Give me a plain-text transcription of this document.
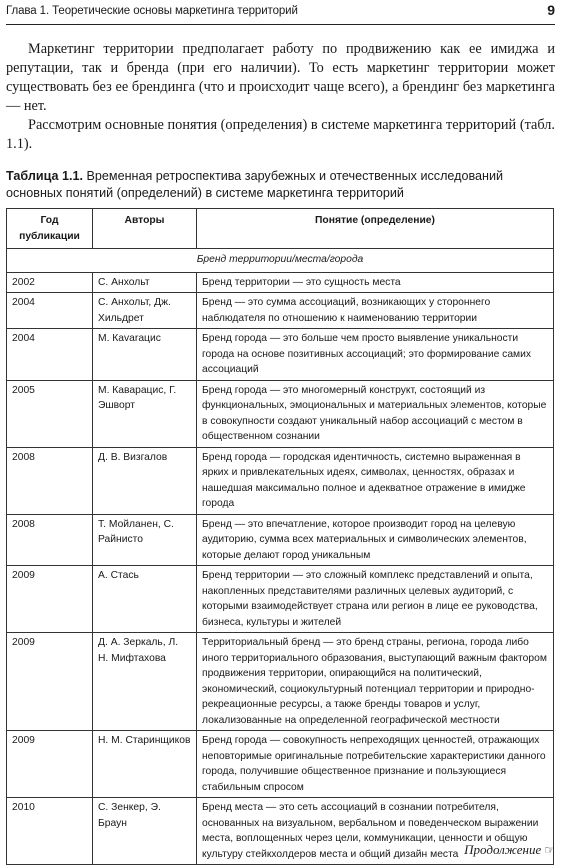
Глава 1. Теоретические основы маркетинга территорий	9

Маркетинг территории предполагает работу по продвижению как ее имиджа и репутации, так и бренда (при его наличии). То есть маркетинг территории может существовать без ее брендинга (что и происходит чаще всего), а брендинг без маркетинга — нет.

Рассмотрим основные понятия (определения) в системе маркетинга территорий (табл. 1.1).

Таблица 1.1. Временная ретроспектива зарубежных и отечественных исследований основных понятий (определений) в системе маркетинга территорий

Год публикации	Авторы	Понятие (определение)
Бренд территории/места/города		
2002	С. Анхольт	Бренд территории — это сущность места
2004	С. Анхольт, Дж. Хильдрет	Бренд — это сумма ассоциаций, возникающих у стороннего наблюдателя по отношению к наименованию территории
2004	М. Кavarацис	Бренд города — это больше чем просто выявление уникальности города на основе позитивных ассоциаций; это формирование самих ассоциаций
2005	М. Каварацис, Г. Эшворт	Бренд города — это многомерный конструкт, состоящий из функциональных, эмоциональных и материальных элементов, которые в совокупности создают уникальный набор ассоциаций с местом в общественном сознании
2008	Д. В. Визгалов	Бренд города — городская идентичность, системно выраженная в ярких и привлекательных идеях, символах, ценностях, образах и нашедшая максимально полное и адекватное отражение в имидже города
2008	Т. Мойланен, С. Райнисто	Бренд — это впечатление, которое производит город на целевую аудиторию, сумма всех материальных и символических элементов, которые делают город уникальным
2009	А. Стась	Бренд территории — это сложный комплекс представлений и опыта, накопленных представителями различных целевых аудиторий, с которыми взаимодействует страна или регион в лице ее руководства, бизнеса, культуры и жителей
2009	Д. А. Зеркаль, Л. Н. Мифтахова	Территориальный бренд — это бренд страны, региона, города либо иного территориального образования, выступающий важным фактором продвижения территории, опирающийся на политический, экономический, социокультурный потенциал территории и природно-рекреационные ресурсы, а также бренды товаров и услуг, локализованные на определенной географической местности
2009	Н. М. Старинщиков	Бренд города — совокупность непреходящих ценностей, отражающих неповторимые оригинальные потребительские характеристики данного города, получившие общественное признание и пользующиеся стабильным спросом
2010	С. Зенкер, Э. Браун	Бренд места — это сеть ассоциаций в сознании потребителя, основанных на визуальном, вербальном и поведенческом выражении места, воплощенных через цели, коммуникации, ценности и общую культуру стейкхолдеров места и общий дизайн места Продолжение ☞
